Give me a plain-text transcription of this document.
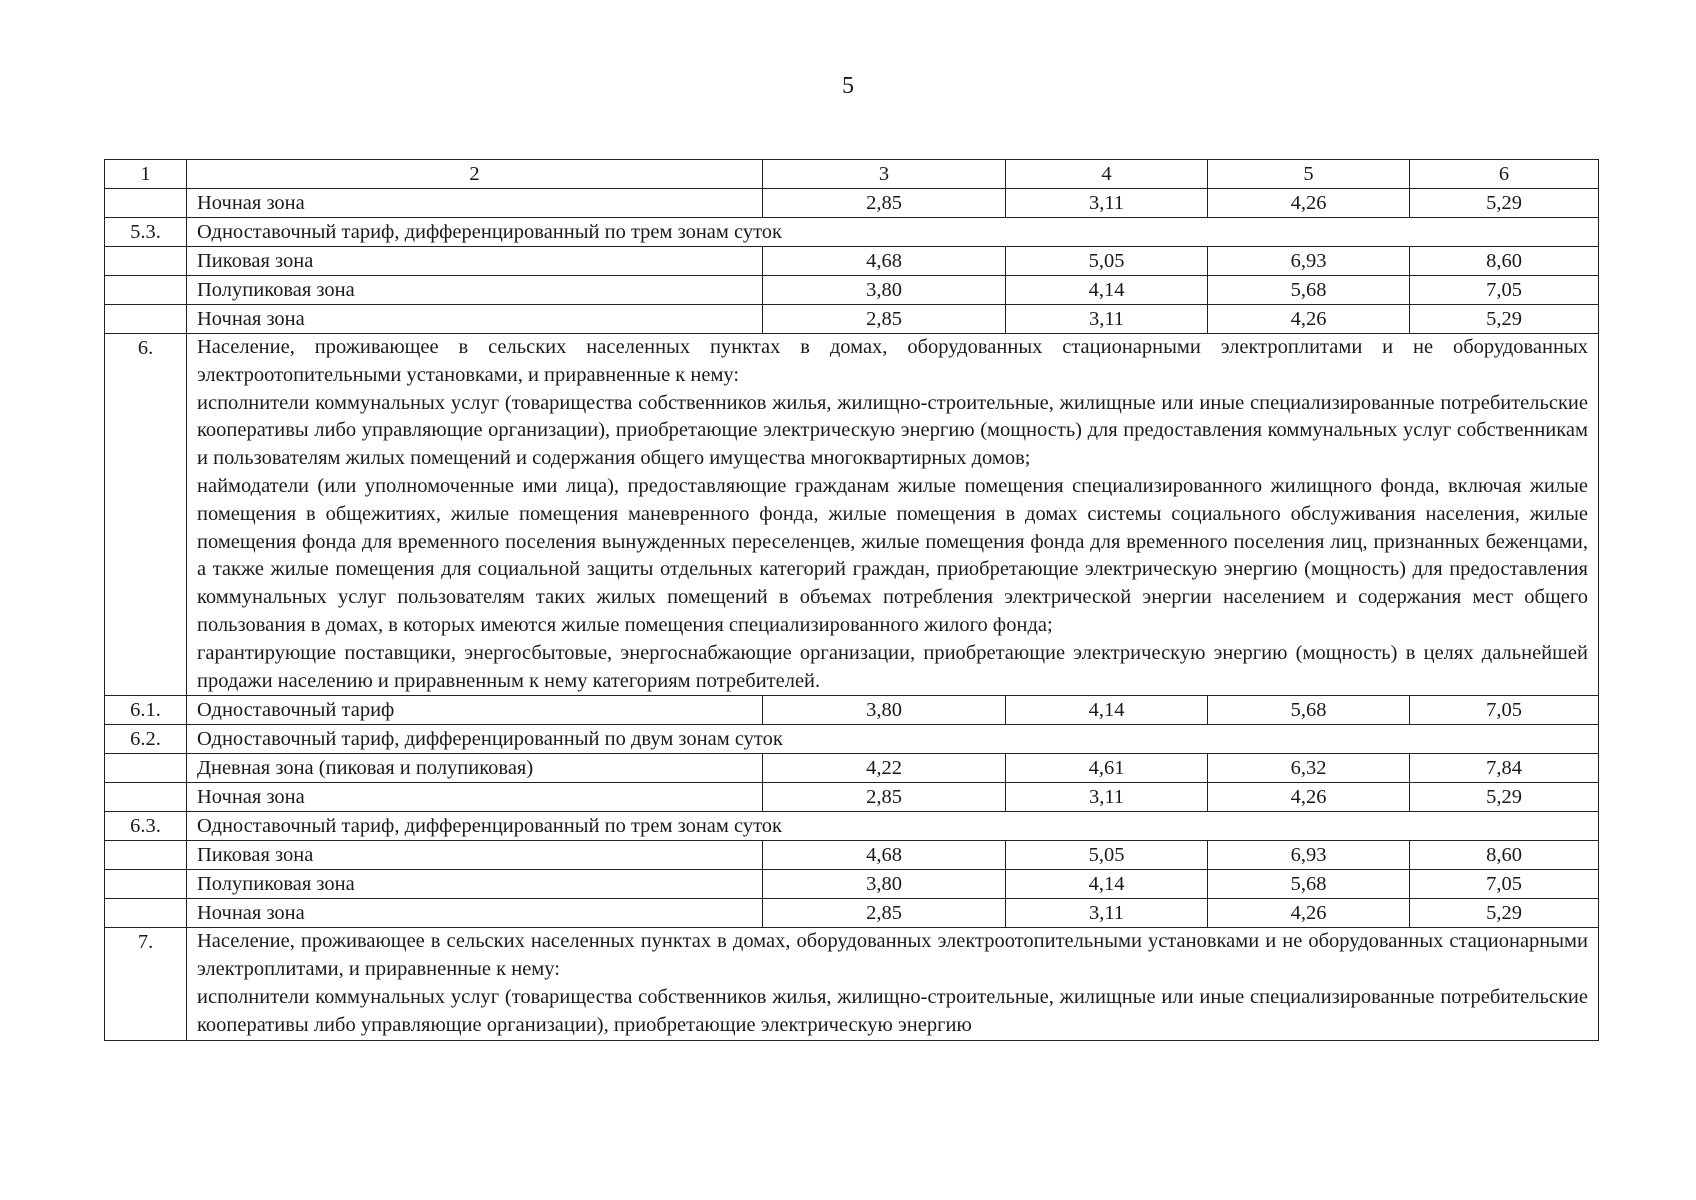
5
1	2	3	4	5	6
	Ночная зона	2,85	3,11	4,26	5,29
5.3.	Одноставочный тариф, дифференцированный по трем зонам суток				
	Пиковая зона	4,68	5,05	6,93	8,60
	Полупиковая зона	3,80	4,14	5,68	7,05
	Ночная зона	2,85	3,11	4,26	5,29
6.	Население, проживающее в сельских населенных пунктах в домах, оборудованных стационарными электроплитами и не оборудованных электроотопительными установками, и приравненные к нему:
исполнители коммунальных услуг (товарищества собственников жилья, жилищно-строительные, жилищные или иные специализированные потребительские кооперативы либо управляющие организации), приобретающие электрическую энергию (мощность) для предоставления коммунальных услуг собственникам и пользователям жилых помещений и содержания общего имущества многоквартирных домов;
наймодатели (или уполномоченные ими лица), предоставляющие гражданам жилые помещения специализированного жилищного фонда, включая жилые помещения в общежитиях, жилые помещения маневренного фонда, жилые помещения в домах системы социального обслуживания населения, жилые помещения фонда для временного поселения вынужденных переселенцев, жилые помещения фонда для временного поселения лиц, признанных беженцами, а также жилые помещения для социальной защиты отдельных категорий граждан, приобретающие электрическую энергию (мощность) для предоставления коммунальных услуг пользователям таких жилых помещений в объемах потребления электрической энергии населением и содержания мест общего пользования в домах, в которых имеются жилые помещения специализированного жилого фонда;
гарантирующие поставщики, энергосбытовые, энергоснабжающие организации, приобретающие электрическую энергию (мощность) в целях дальнейшей продажи населению и приравненным к нему категориям потребителей.				

6.1.	Одноставочный тариф	3,80	4,14	5,68	7,05
6.2.	Одноставочный тариф, дифференцированный по двум зонам суток				
	Дневная зона (пиковая и полупиковая)	4,22	4,61	6,32	7,84
	Ночная зона	2,85	3,11	4,26	5,29
6.3.	Одноставочный тариф, дифференцированный по трем зонам суток				
	Пиковая зона	4,68	5,05	6,93	8,60
	Полупиковая зона	3,80	4,14	5,68	7,05
	Ночная зона	2,85	3,11	4,26	5,29
7.	Население, проживающее в сельских населенных пунктах в домах, оборудованных электроотопительными установками и не оборудованных стационарными электроплитами, и приравненные к нему:
исполнители коммунальных услуг (товарищества собственников жилья, жилищно-строительные, жилищные или иные специализированные потребительские кооперативы либо управляющие организации), приобретающие электрическую энергию				
